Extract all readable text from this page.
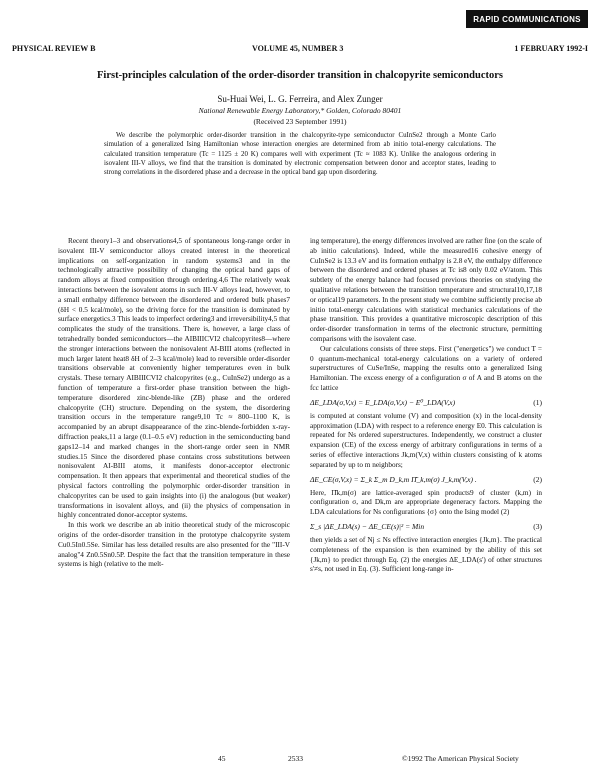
RAPID COMMUNICATIONS
PHYSICAL REVIEW B	VOLUME 45, NUMBER 3	1 FEBRUARY 1992-I
First-principles calculation of the order-disorder transition in chalcopyrite semiconductors
Su-Huai Wei, L. G. Ferreira, and Alex Zunger
National Renewable Energy Laboratory,* Golden, Colorado 80401
(Received 23 September 1991)

We describe the polymorphic order-disorder transition in the chalcopyrite-type semiconductor CuInSe2 through a Monte Carlo simulation of a generalized Ising Hamiltonian whose interaction energies are determined from ab initio total-energy calculations. The calculated transition temperature (Tc = 1125 ± 20 K) compares well with experiment (Tc ≈ 1083 K). Unlike the analogous ordering in isovalent III-V alloys, we find that the transition is dominated by electronic compensation between donor and acceptor states, leading to strong correlations in the disordered phase and a decrease in the optical band gap upon disordering.

Recent theory1–3 and observations4,5 of spontaneous long-range order in isovalent III-V semiconductor alloys created interest in the theoretical implications on self-organization in random systems3 and in the technologically attractive possibility of changing the optical band gaps of random alloys at fixed composition through ordering.4,6 The relatively weak interactions between the isovalent atoms in such III-V alloys lead, however, to a small enthalpy difference between the disordered and ordered bulk phases7 (δH < 0.5 kcal/mole), so the driving force for the transition is dominated by surface energetics.3 This leads to imperfect ordering3 and irreversibility4,5 that complicates the study of the transitions. There is, however, a large class of tetrahedrally bonded semiconductors—the AIBIIICVI2 chalcopyrites8—where the stronger interactions between the nonisovalent AI-BIII atoms (reflected in much larger latent heat8 δH of 2–3 kcal/mole) lead to reversible order-disorder transitions observable at conveniently higher temperatures even in bulk crystals. These ternary AIBIIICVI2 chalcopyrites (e.g., CuInSe2) undergo as a function of temperature a first-order phase transition between the high-temperature disordered zinc-blende-like (ZB) phase and the ordered chalcopyrite (CH) structure. Depending on the system, the disordering transition occurs in the temperature range9,10 Tc ≈ 800–1100 K, is accompanied by an abrupt disappearance of the zinc-blende-forbidden x-ray-diffraction peaks,11 a large (0.1–0.5 eV) reduction in the semiconducting band gaps12–14 and marked changes in the short-range order seen in NMR studies.15 Since the disordered phase contains cross substitutions between nonisovalent AI-BIII atoms, it manifests donor-acceptor electronic compensation. It then appears that experimental and theoretical studies of the physical factors controlling the polymorphic order-disorder transition in chalcopyrites can be used to gain insights into (i) the analogous (but weaker) transformations in isovalent alloys, and (ii) the physics of compensation in highly concentrated donor-acceptor systems.

In this work we describe an ab initio theoretical study of the microscopic origins of the order-disorder transition in the prototype chalcopyrite system Cu0.5In0.5Se. Similar has less detailed results are also presented for the "III-V analog"4 Zn0.5Sn0.5P. Despite the fact that the transition temperature in these systems is high (relative to the melt-

ing temperature), the energy differences involved are rather fine (on the scale of ab initio calculations). Indeed, while the measured16 cohesive energy of CuInSe2 is 13.3 eV and its formation enthalpy is 2.8 eV, the enthalpy difference between the disordered and ordered phases at Tc is8 only 0.02 eV/atom. This subtlety of the energy balance had focused previous theories on studying the qualitative relations between the transition temperature and structural10,17,18 or optical19 parameters. In the present study we combine sufficiently precise ab initio total-energy calculations with statistical mechanics calculations of the phase transition. This provides a quantitative microscopic description of this order-disorder transformation in terms of the electronic structure, permitting comparisons with the isovalent case.

Our calculations consists of three steps. First ("energetics") we conduct T = 0 quantum-mechanical total-energy calculations on a variety of ordered superstructures of CuSe/InSe, mapping the results onto a generalized Ising Hamiltonian. The excess energy of a configuration σ of A and B atoms on the fcc lattice

ΔE_LDA(σ,V,x) = E_LDA(σ,V,x) − E⁰_LDA(V,x)	(1)

is computed at constant volume (V) and composition (x) in the local-density approximation (LDA) with respect to a reference energy E0. This calculation is repeated for Ns ordered superstructures. Independently, we construct a cluster expansion (CE) of the excess energy of arbitrary configurations in terms of a series of effective interactions Jk,m(V,x) within clusters consisting of k atoms separated by up to m neighbors;

ΔE_CE(σ,V,x) = Σ_k Σ_m D_k,m Π̄_k,m(σ) J_k,m(V,x) .	(2)

Here, Π̄k,m(σ) are lattice-averaged spin products9 of cluster (k,m) in configuration σ, and Dk,m are appropriate degeneracy factors. Mapping the LDA calculations for Ns configurations {σ} onto the Ising model (2)

Σ_s |ΔE_LDA(s) − ΔE_CE(s)|² = Min	(3)

then yields a set of Nj ≤ Ns effective interaction energies {Jk,m}. The practical completeness of the expansion is then examined by the ability of this set {Jk,m} to predict through Eq. (2) the energies ΔE_LDA(s') of other structures s'≠s, not used in Eq. (3). Sufficient long-range in-

45	2533	©1992 The American Physical Society
